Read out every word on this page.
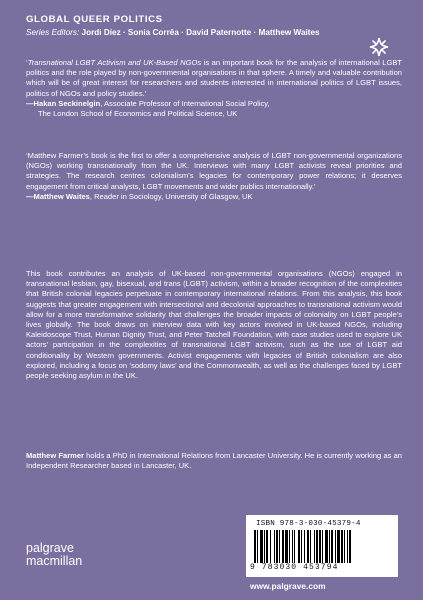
GLOBAL QUEER POLITICS
Series Editors: Jordi Díez · Sonia Corrêa · David Paternotte · Matthew Waites

‘Transnational LGBT Activism and UK-Based NGOs is an important book for the analysis of international LGBT politics and the role played by non-governmental organisations in that sphere. A timely and valuable contribution which will be of great interest for researchers and students interested in international politics of LGBT issues, politics of NGOs and policy studies.’

—Hakan Seckinelgin, Associate Professor of International Social Policy,

The London School of Economics and Political Science, UK

‘Matthew Farmer’s book is the first to offer a comprehensive analysis of LGBT non-governmental organizations (NGOs) working transnationally from the UK. Interviews with many LGBT activists reveal priorities and strategies. The research centres colonialism’s legacies for contemporary power relations; it deserves engagement from critical analysts, LGBT movements and wider publics internationally.’

—Matthew Waites, Reader in Sociology, University of Glasgow, UK

This book contributes an analysis of UK-based non-governmental organisations (NGOs) engaged in transnational lesbian, gay, bisexual, and trans (LGBT) activism, within a broader recognition of the complexities that British colonial legacies perpetuate in contemporary international relations. From this analysis, this book suggests that greater engagement with intersectional and decolonial approaches to transnational activism would allow for a more transformative solidarity that challenges the broader impacts of coloniality on LGBT people’s lives globally. The book draws on interview data with key actors involved in UK-based NGOs, including Kaleidoscope Trust, Human Dignity Trust, and Peter Tatchell Foundation, with case studies used to explore UK actors’ participation in the complexities of transnational LGBT activism, such as the use of LGBT aid conditionality by Western governments. Activist engagements with legacies of British colonialism are also explored, including a focus on ‘sodomy laws’ and the Commonwealth, as well as the challenges faced by LGBT people seeking asylum in the UK.

Matthew Farmer holds a PhD in International Relations from Lancaster University. He is currently working as an Independent Researcher based in Lancaster, UK.

ISBN 978-3-030-45379-4
9 783030 453794
palgrave
macmillan
www.palgrave.com
